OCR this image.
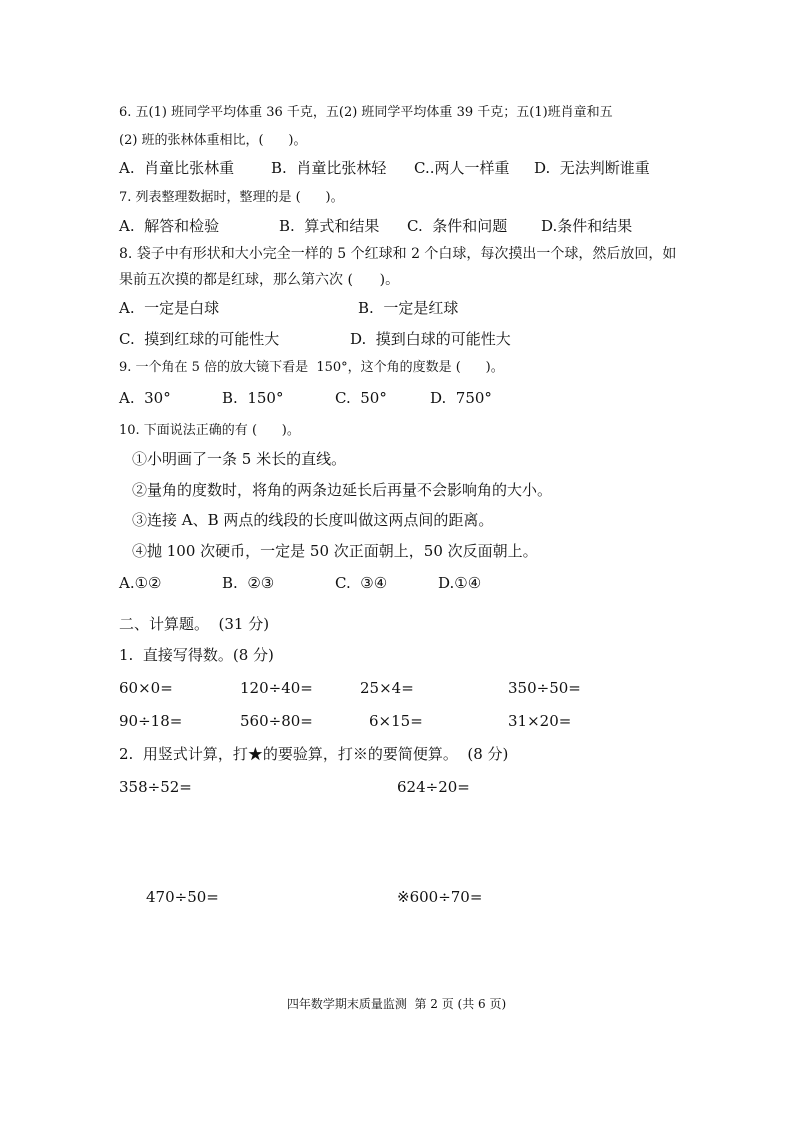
6. 五(1) 班同学平均体重 36 千克，五(2) 班同学平均体重 39 千克；五(1)班肖童和五
(2) 班的张林体重相比，(      )。
A.  肖童比张林重 B.  肖童比张林轻 C..两人一样重 D.  无法判断谁重
7. 列表整理数据时，整理的是 (      )。
A.  解答和检验	B.  算式和结果 C.  条件和问题 D.条件和结果
8. 袋子中有形状和大小完全一样的 5 个红球和 2 个白球，每次摸出一个球，然后放回，如
果前五次摸的都是红球，那么第六次 (      )。
A.  一定是白球	B.  一定是红球
C.  摸到红球的可能性大	D.  摸到白球的可能性大
9. 一个角在 5 倍的放大镜下看是  150°，这个角的度数是 (      )。
A.  30°	B.  150°	C.  50°	D.  750°
10. 下面说法正确的有 (      )。
①小明画了一条 5 米长的直线。
②量角的度数时，将角的两条边延长后再量不会影响角的大小。
③连接 A、B 两点的线段的长度叫做这两点间的距离。
④抛 100 次硬币，一定是 50 次正面朝上，50 次反面朝上。
A.①②	B.  ②③	C.  ③④	D.①④
二、计算题。  (31 分)
1.  直接写得数。(8 分)
60×0=	120÷40=	25×4=	350÷50=
90÷18=	560÷80=	6×15=	31×20=
2.  用竖式计算，打★的要验算，打※的要简便算。  (8 分)
358÷52=	624÷20=
470÷50=	※600÷70=
四年数学期末质量监测  第 2 页 (共 6 页)
